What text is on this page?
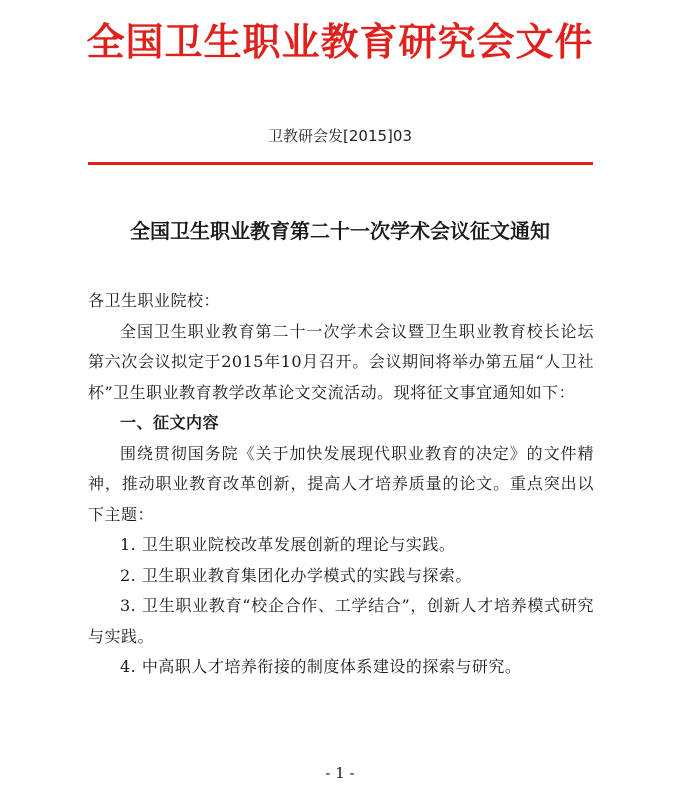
全国卫生职业教育研究会文件
卫教研会发[2015]03
全国卫生职业教育第二十一次学术会议征文通知

各卫生职业院校：

全国卫生职业教育第二十一次学术会议暨卫生职业教育校长论坛第六次会议拟定于2015年10月召开。会议期间将举办第五届“人卫社杯”卫生职业教育教学改革论文交流活动。现将征文事宜通知如下：

一、征文内容

围绕贯彻国务院《关于加快发展现代职业教育的决定》的文件精神，推动职业教育改革创新，提高人才培养质量的论文。重点突出以下主题：

1. 卫生职业院校改革发展创新的理论与实践。

2. 卫生职业教育集团化办学模式的实践与探索。

3. 卫生职业教育“校企合作、工学结合”，创新人才培养模式研究与实践。

4. 中高职人才培养衔接的制度体系建设的探索与研究。

- 1 -
